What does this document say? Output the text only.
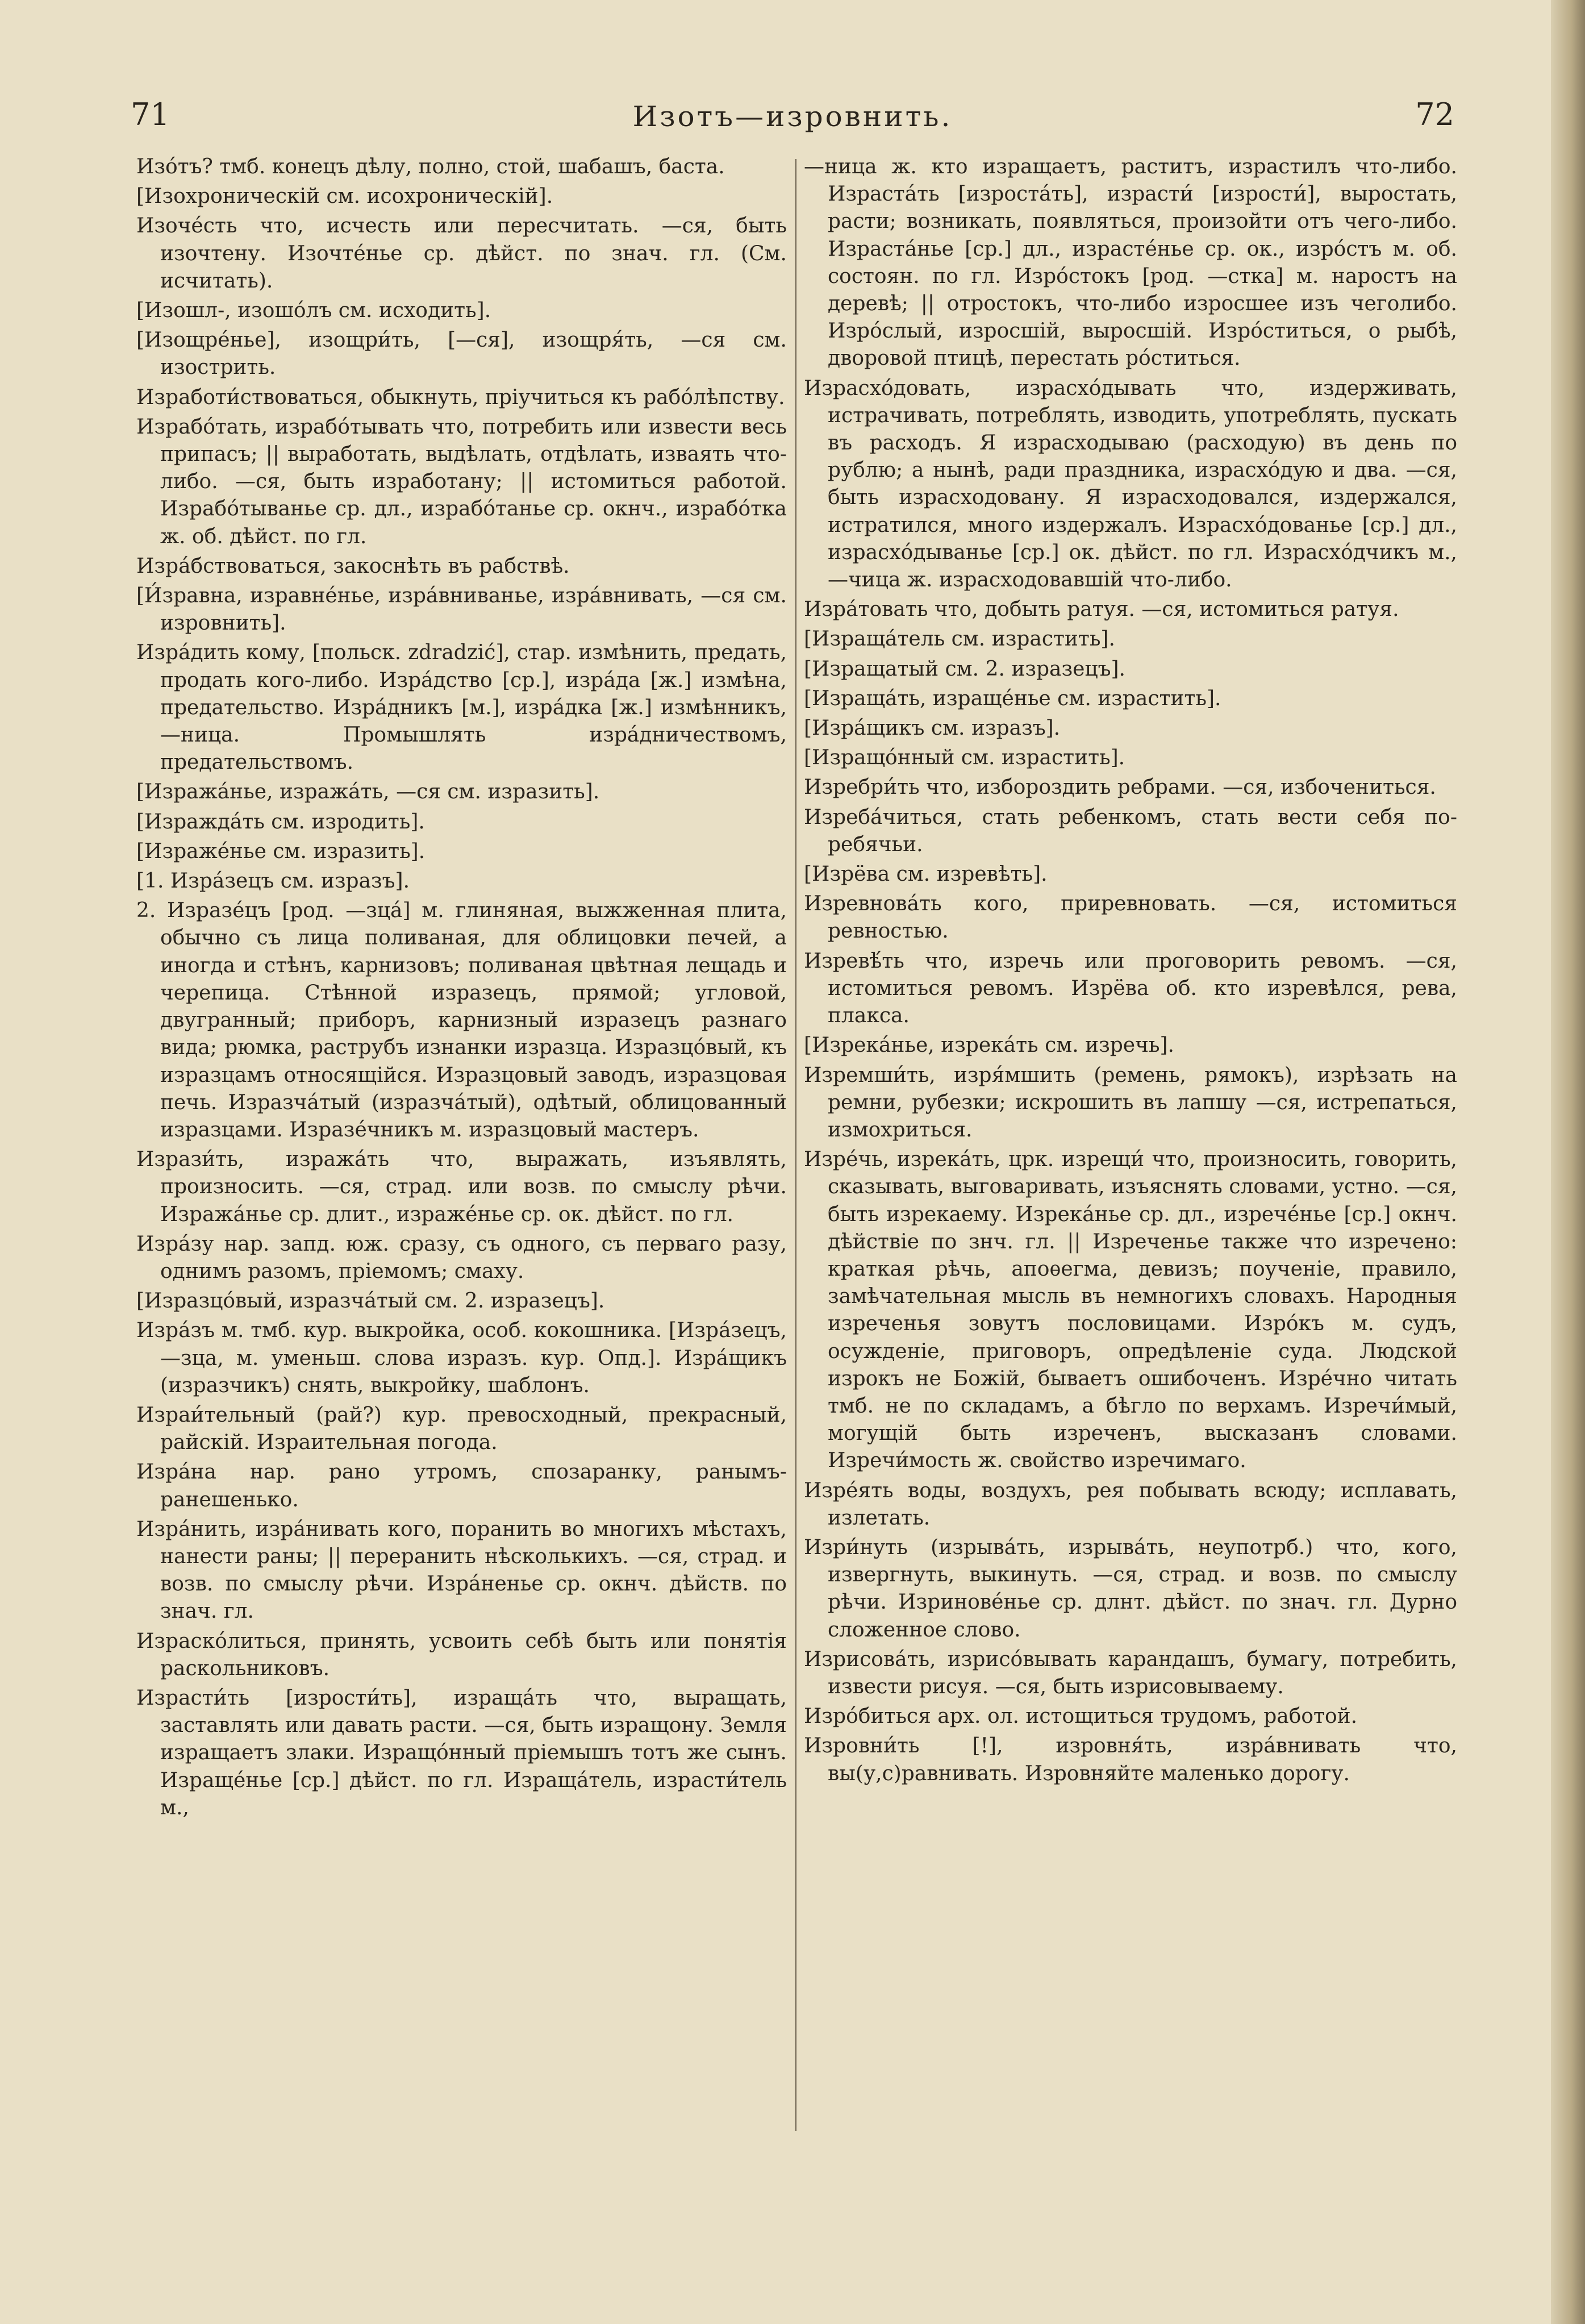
71	Изотъ—изровнить.	72

Изо́тъ? тмб. конецъ дѣлу, полно, стой, шабашъ, баста.

[Изохроническій см. исохроническій].

Изоче́сть что, исчесть или пересчитать. —ся, быть изочтену. Изочте́нье ср. дѣйст. по знач. гл. (См. исчитать).

[Изошл-, изошо́лъ см. исходить].

[Изощре́нье], изощри́ть, [—ся], изощря́ть, —ся см. изострить.

Изработи́ствоваться, обыкнуть, пріучиться къ рабо́лѣпству.

Израбо́тать, израбо́тывать что, потребить или извести весь припасъ; || выработать, выдѣлать, отдѣлать, изваять что-либо. —ся, быть изработану; || истомиться работой. Израбо́тыванье ср. дл., израбо́танье ср. окнч., израбо́тка ж. об. дѣйст. по гл.

Изра́бствоваться, закоснѣть въ рабствѣ.

[И́зравна, изравне́нье, изра́вниванье, изра́внивать, —ся см. изровнить].

Изра́дить кому, [польск. zdradzić], стар. измѣнить, предать, продать кого-либо. Изра́дство [ср.], изра́да [ж.] измѣна, предательство. Изра́дникъ [м.], изра́дка [ж.] измѣнникъ, —ница. Промышлять изра́дничествомъ, предательствомъ.

[Изража́нье, изража́ть, —ся см. изразить].

[Изражда́ть см. изродить].

[Израже́нье см. изразить].

[1. Изра́зецъ см. изразъ].

2. Изразе́цъ [род. —зца́] м. глиняная, выжженная плита, обычно съ лица поливаная, для облицовки печей, а иногда и стѣнъ, карнизовъ; поливаная цвѣтная лещадь и черепица. Стѣнной изразецъ, прямой; угловой, двугранный; приборъ, карнизный изразецъ разнаго вида; рюмка, раструбъ изнанки изразца. Изразцо́вый, къ изразцамъ относящійся. Изразцовый заводъ, изразцовая печь. Изразча́тый (изразча́тый), одѣтый, облицованный изразцами. Изразе́чникъ м. изразцовый мастеръ.

Изрази́ть, изража́ть что, выражать, изъявлять, произносить. —ся, страд. или возв. по смыслу рѣчи. Изража́нье ср. длит., израже́нье ср. ок. дѣйст. по гл.

Изра́зу нар. запд. юж. сразу, съ одного, съ перваго разу, однимъ разомъ, пріемомъ; смаху.

[Изразцо́вый, изразча́тый см. 2. изразецъ].

Изра́зъ м. тмб. кур. выкройка, особ. кокошника. [Изра́зецъ, —зца, м. уменьш. слова изразъ. кур. Опд.]. Изра́щикъ (изразчикъ) снять, выкройку, шаблонъ.

Израи́тельный (рай?) кур. превосходный, прекрасный, райскій. Израительная погода.

Изра́на нар. рано утромъ, спозаранку, ранымъ-ранешенько.

Изра́нить, изра́нивать кого, поранить во многихъ мѣстахъ, нанести раны; || переранить нѣсколькихъ. —ся, страд. и возв. по смыслу рѣчи. Изра́ненье ср. окнч. дѣйств. по знач. гл.

Израско́литься, принять, усвоить себѣ быть или понятія раскольниковъ.

Израсти́ть [изрости́ть], израща́ть что, выращать, заставлять или давать расти. —ся, быть изращону. Земля изращаетъ злаки. Изращо́нный пріемышъ тотъ же сынъ. Израще́нье [ср.] дѣйст. по гл. Израща́тель, израсти́тель м.,

—ница ж. кто изращаетъ, раститъ, израстилъ что-либо. Израста́ть [изроста́ть], израсти́ [изрости́], выростать, расти; возникать, появляться, произойти отъ чего-либо. Израста́нье [ср.] дл., израсте́нье ср. ок., изро́стъ м. об. состоян. по гл. Изро́стокъ [род. —стка] м. наростъ на деревѣ; || отростокъ, что-либо изросшее изъ чеголибо. Изро́слый, изросшій, выросшій. Изро́ститься, о рыбѣ, дворовой птицѣ, перестать рóститься.

Израсхо́довать, израсхо́дывать что, издерживать, истрачивать, потреблять, изводить, употреблять, пускать въ расходъ. Я израсходываю (расходую) въ день по рублю; а нынѣ, ради праздника, израсхо́дую и два. —ся, быть израсходовану. Я израсходовался, издержался, истратился, много издержалъ. Израсхо́дованье [ср.] дл., израсхо́дыванье [ср.] ок. дѣйст. по гл. Израсхо́дчикъ м., —чица ж. израсходовавшій что-либо.

Изра́товать что, добыть ратуя. —ся, истомиться ратуя.

[Израща́тель см. израстить].

[Изращатый см. 2. изразецъ].

[Израща́ть, израще́нье см. израстить].

[Изра́щикъ см. изразъ].

[Изращо́нный см. израстить].

Изребри́ть что, избороздить ребрами. —ся, избочениться.

Изреба́читься, стать ребенкомъ, стать вести себя по-ребячьи.

[Изрёва см. изревѣть].

Изревнова́ть кого, приревновать. —ся, истомиться ревностью.

Изревѣ́ть что, изречь или проговорить ревомъ. —ся, истомиться ревомъ. Изрёва об. кто изревѣлся, рева, плакса.

[Изрека́нье, изрека́ть см. изречь].

Изремши́ть, изря́мшить (ремень, рямокъ), изрѣзать на ремни, рубезки; искрошить въ лапшу —ся, истрепаться, измохриться.

Изре́чь, изрека́ть, црк. изрещи́ что, произносить, говорить, сказывать, выговаривать, изъяснять словами, устно. —ся, быть изрекаему. Изрека́нье ср. дл., изрече́нье [ср.] окнч. дѣйствіе по знч. гл. || Изреченье также что изречено: краткая рѣчь, апоѳегма, девизъ; поученіе, правило, замѣчательная мысль въ немногихъ словахъ. Народныя изреченья зовутъ пословицами. Изро́къ м. судъ, осужденіе, приговоръ, опредѣленіе суда. Людской изрокъ не Божій, бываетъ ошибоченъ. Изре́чно читать тмб. не по складамъ, а бѣгло по верхамъ. Изречи́мый, могущій быть изреченъ, высказанъ словами. Изречи́мость ж. свойство изречимаго.

Изре́ять воды, воздухъ, рея побывать всюду; исплавать, излетать.

Изри́нуть (изрыва́ть, изрыва́ть, неупотрб.) что, кого, извергнуть, выкинуть. —ся, страд. и возв. по смыслу рѣчи. Изринове́нье ср. длнт. дѣйст. по знач. гл. Дурно сложенное слово.

Изрисова́ть, изрисо́вывать карандашъ, бумагу, потребить, извести рисуя. —ся, быть изрисовываему.

Изро́биться арх. ол. истощиться трудомъ, работой.

Изровни́ть [!], изровня́ть, изра́внивать что, вы(у,с)равнивать. Изровняйте маленько дорогу.
